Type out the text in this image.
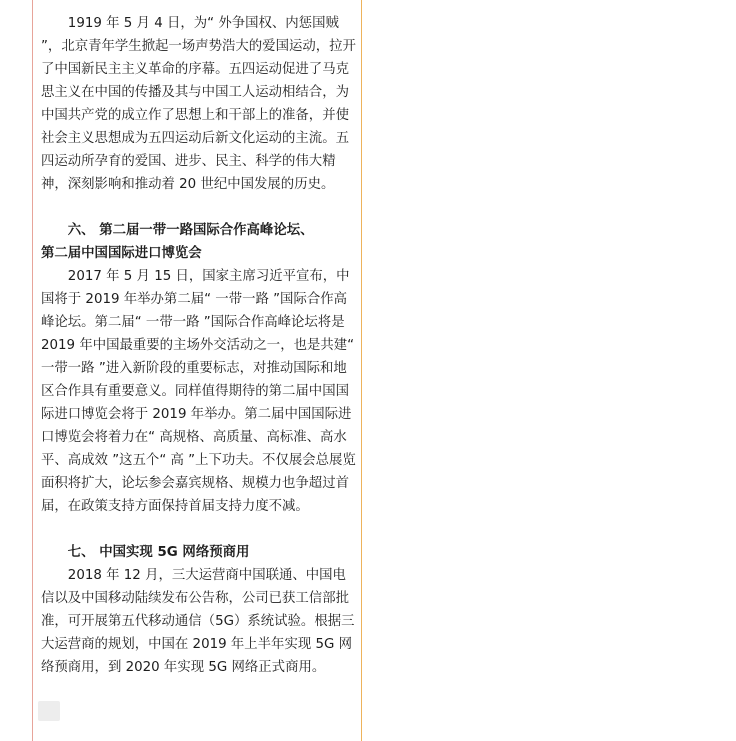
1919 年 5 月 4 日，为“ 外争国权、内惩国贼 ”，北京青年学生掀起一场声势浩大的爱国运动，拉开了中国新民主主义革命的序幕。五四运动促进了马克思主义在中国的传播及其与中国工人运动相结合，为中国共产党的成立作了思想上和干部上的准备，并使社会主义思想成为五四运动后新文化运动的主流。五四运动所孕育的爱国、进步、民主、科学的伟大精神，深刻影响和推动着 20 世纪中国发展的历史。

六、 第二届一带一路国际合作高峰论坛、

第二届中国国际进口博览会

2017 年 5 月 15 日，国家主席习近平宣布，中国将于 2019 年举办第二届“ 一带一路 ”国际合作高峰论坛。第二届“ 一带一路 ”国际合作高峰论坛将是 2019 年中国最重要的主场外交活动之一，也是共建“ 一带一路 ”进入新阶段的重要标志，对推动国际和地区合作具有重要意义。同样值得期待的第二届中国国际进口博览会将于 2019 年举办。第二届中国国际进口博览会将着力在“ 高规格、高质量、高标准、高水平、高成效 ”这五个“ 高 ”上下功夫。不仅展会总展览面积将扩大，论坛参会嘉宾规格、规模力也争超过首届，在政策支持方面保持首届支持力度不减。

七、 中国实现 5G 网络预商用

2018 年 12 月，三大运营商中国联通、中国电信以及中国移动陆续发布公告称，公司已获工信部批准，可开展第五代移动通信（5G）系统试验。根据三大运营商的规划，中国在 2019 年上半年实现 5G 网络预商用，到 2020 年实现 5G 网络正式商用。
